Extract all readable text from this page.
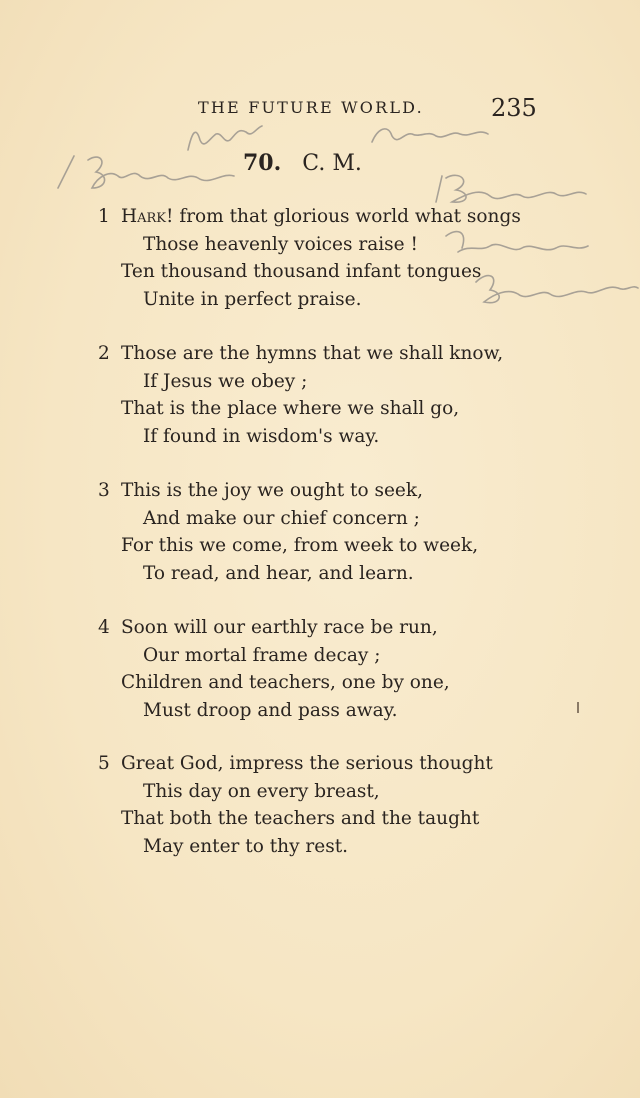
THE FUTURE WORLD.	235
70. C. M.
1 Hark! from that glorious world what songs
Those heavenly voices raise !
Ten thousand thousand infant tongues
Unite in perfect praise.
2 Those are the hymns that we shall know,
If Jesus we obey ;
That is the place where we shall go,
If found in wisdom's way.
3 This is the joy we ought to seek,
And make our chief concern ;
For this we come, from week to week,
To read, and hear, and learn.
4 Soon will our earthly race be run,
Our mortal frame decay ;
Children and teachers, one by one,
Must droop and pass away.
5 Great God, impress the serious thought
This day on every breast,
That both the teachers and the taught
May enter to thy rest.
